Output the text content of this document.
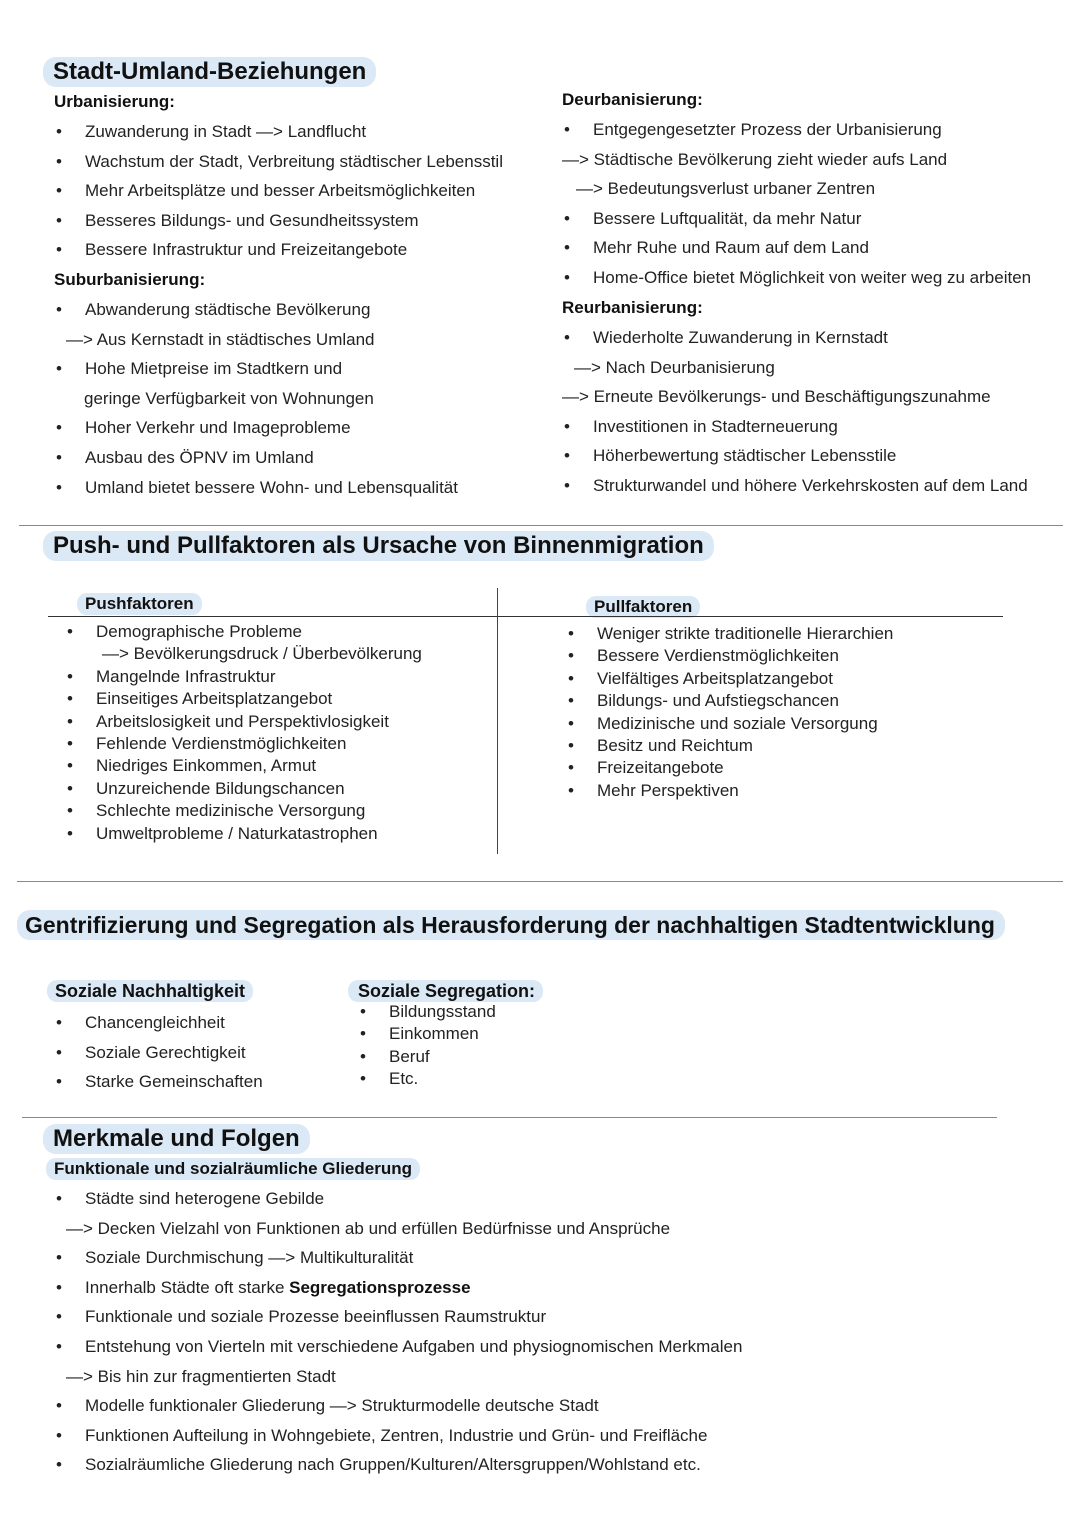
Stadt-Umland-Beziehungen
Urbanisierung:
• Zuwanderung in Stadt —> Landflucht
• Wachstum der Stadt, Verbreitung städtischer Lebensstil
• Mehr Arbeitsplätze und besser Arbeitsmöglichkeiten
• Besseres Bildungs- und Gesundheitssystem
• Bessere Infrastruktur und Freizeitangebote
Suburbanisierung:
• Abwanderung städtische Bevölkerung
—> Aus Kernstadt in städtisches Umland
• Hohe Mietpreise im Stadtkern und
geringe Verfügbarkeit von Wohnungen
• Hoher Verkehr und Imageprobleme
• Ausbau des ÖPNV im Umland
• Umland bietet bessere Wohn- und Lebensqualität
Deurbanisierung:
• Entgegengesetzter Prozess der Urbanisierung
—> Städtische Bevölkerung zieht wieder aufs Land
—> Bedeutungsverlust urbaner Zentren
• Bessere Luftqualität, da mehr Natur
• Mehr Ruhe und Raum auf dem Land
• Home-Office bietet Möglichkeit von weiter weg zu arbeiten
Reurbanisierung:
• Wiederholte Zuwanderung in Kernstadt
—> Nach Deurbanisierung
—> Erneute Bevölkerungs- und Beschäftigungszunahme
• Investitionen in Stadterneuerung
• Höherbewertung städtischer Lebensstile
• Strukturwandel und höhere Verkehrskosten auf dem Land
Push- und Pullfaktoren als Ursache von Binnenmigration
Pushfaktoren	Pullfaktoren
• Demographische Probleme
—> Bevölkerungsdruck / Überbevölkerung
• Mangelnde Infrastruktur
• Einseitiges Arbeitsplatzangebot
• Arbeitslosigkeit und Perspektivlosigkeit
• Fehlende Verdienstmöglichkeiten
• Niedriges Einkommen, Armut
• Unzureichende Bildungschancen
• Schlechte medizinische Versorgung
• Umweltprobleme / Naturkatastrophen
• Weniger strikte traditionelle Hierarchien
• Bessere Verdienstmöglichkeiten
• Vielfältiges Arbeitsplatzangebot
• Bildungs- und Aufstiegschancen
• Medizinische und soziale Versorgung
• Besitz und Reichtum
• Freizeitangebote
• Mehr Perspektiven
Gentrifizierung und Segregation als Herausforderung der nachhaltigen Stadtentwicklung
Soziale Nachhaltigkeit
• Chancengleichheit
• Soziale Gerechtigkeit
• Starke Gemeinschaften
Soziale Segregation:
• Bildungsstand
• Einkommen
• Beruf
• Etc.
Merkmale und Folgen
Funktionale und sozialräumliche Gliederung
• Städte sind heterogene Gebilde
—> Decken Vielzahl von Funktionen ab und erfüllen Bedürfnisse und Ansprüche
• Soziale Durchmischung —> Multikulturalität
• Innerhalb Städte oft starke Segregationsprozesse
• Funktionale und soziale Prozesse beeinflussen Raumstruktur
• Entstehung von Vierteln mit verschiedene Aufgaben und physiognomischen Merkmalen
—> Bis hin zur fragmentierten Stadt
• Modelle funktionaler Gliederung —> Strukturmodelle deutsche Stadt
• Funktionen Aufteilung in Wohngebiete, Zentren, Industrie und Grün- und Freifläche
• Sozialräumliche Gliederung nach Gruppen/Kulturen/Altersgruppen/Wohlstand etc.
